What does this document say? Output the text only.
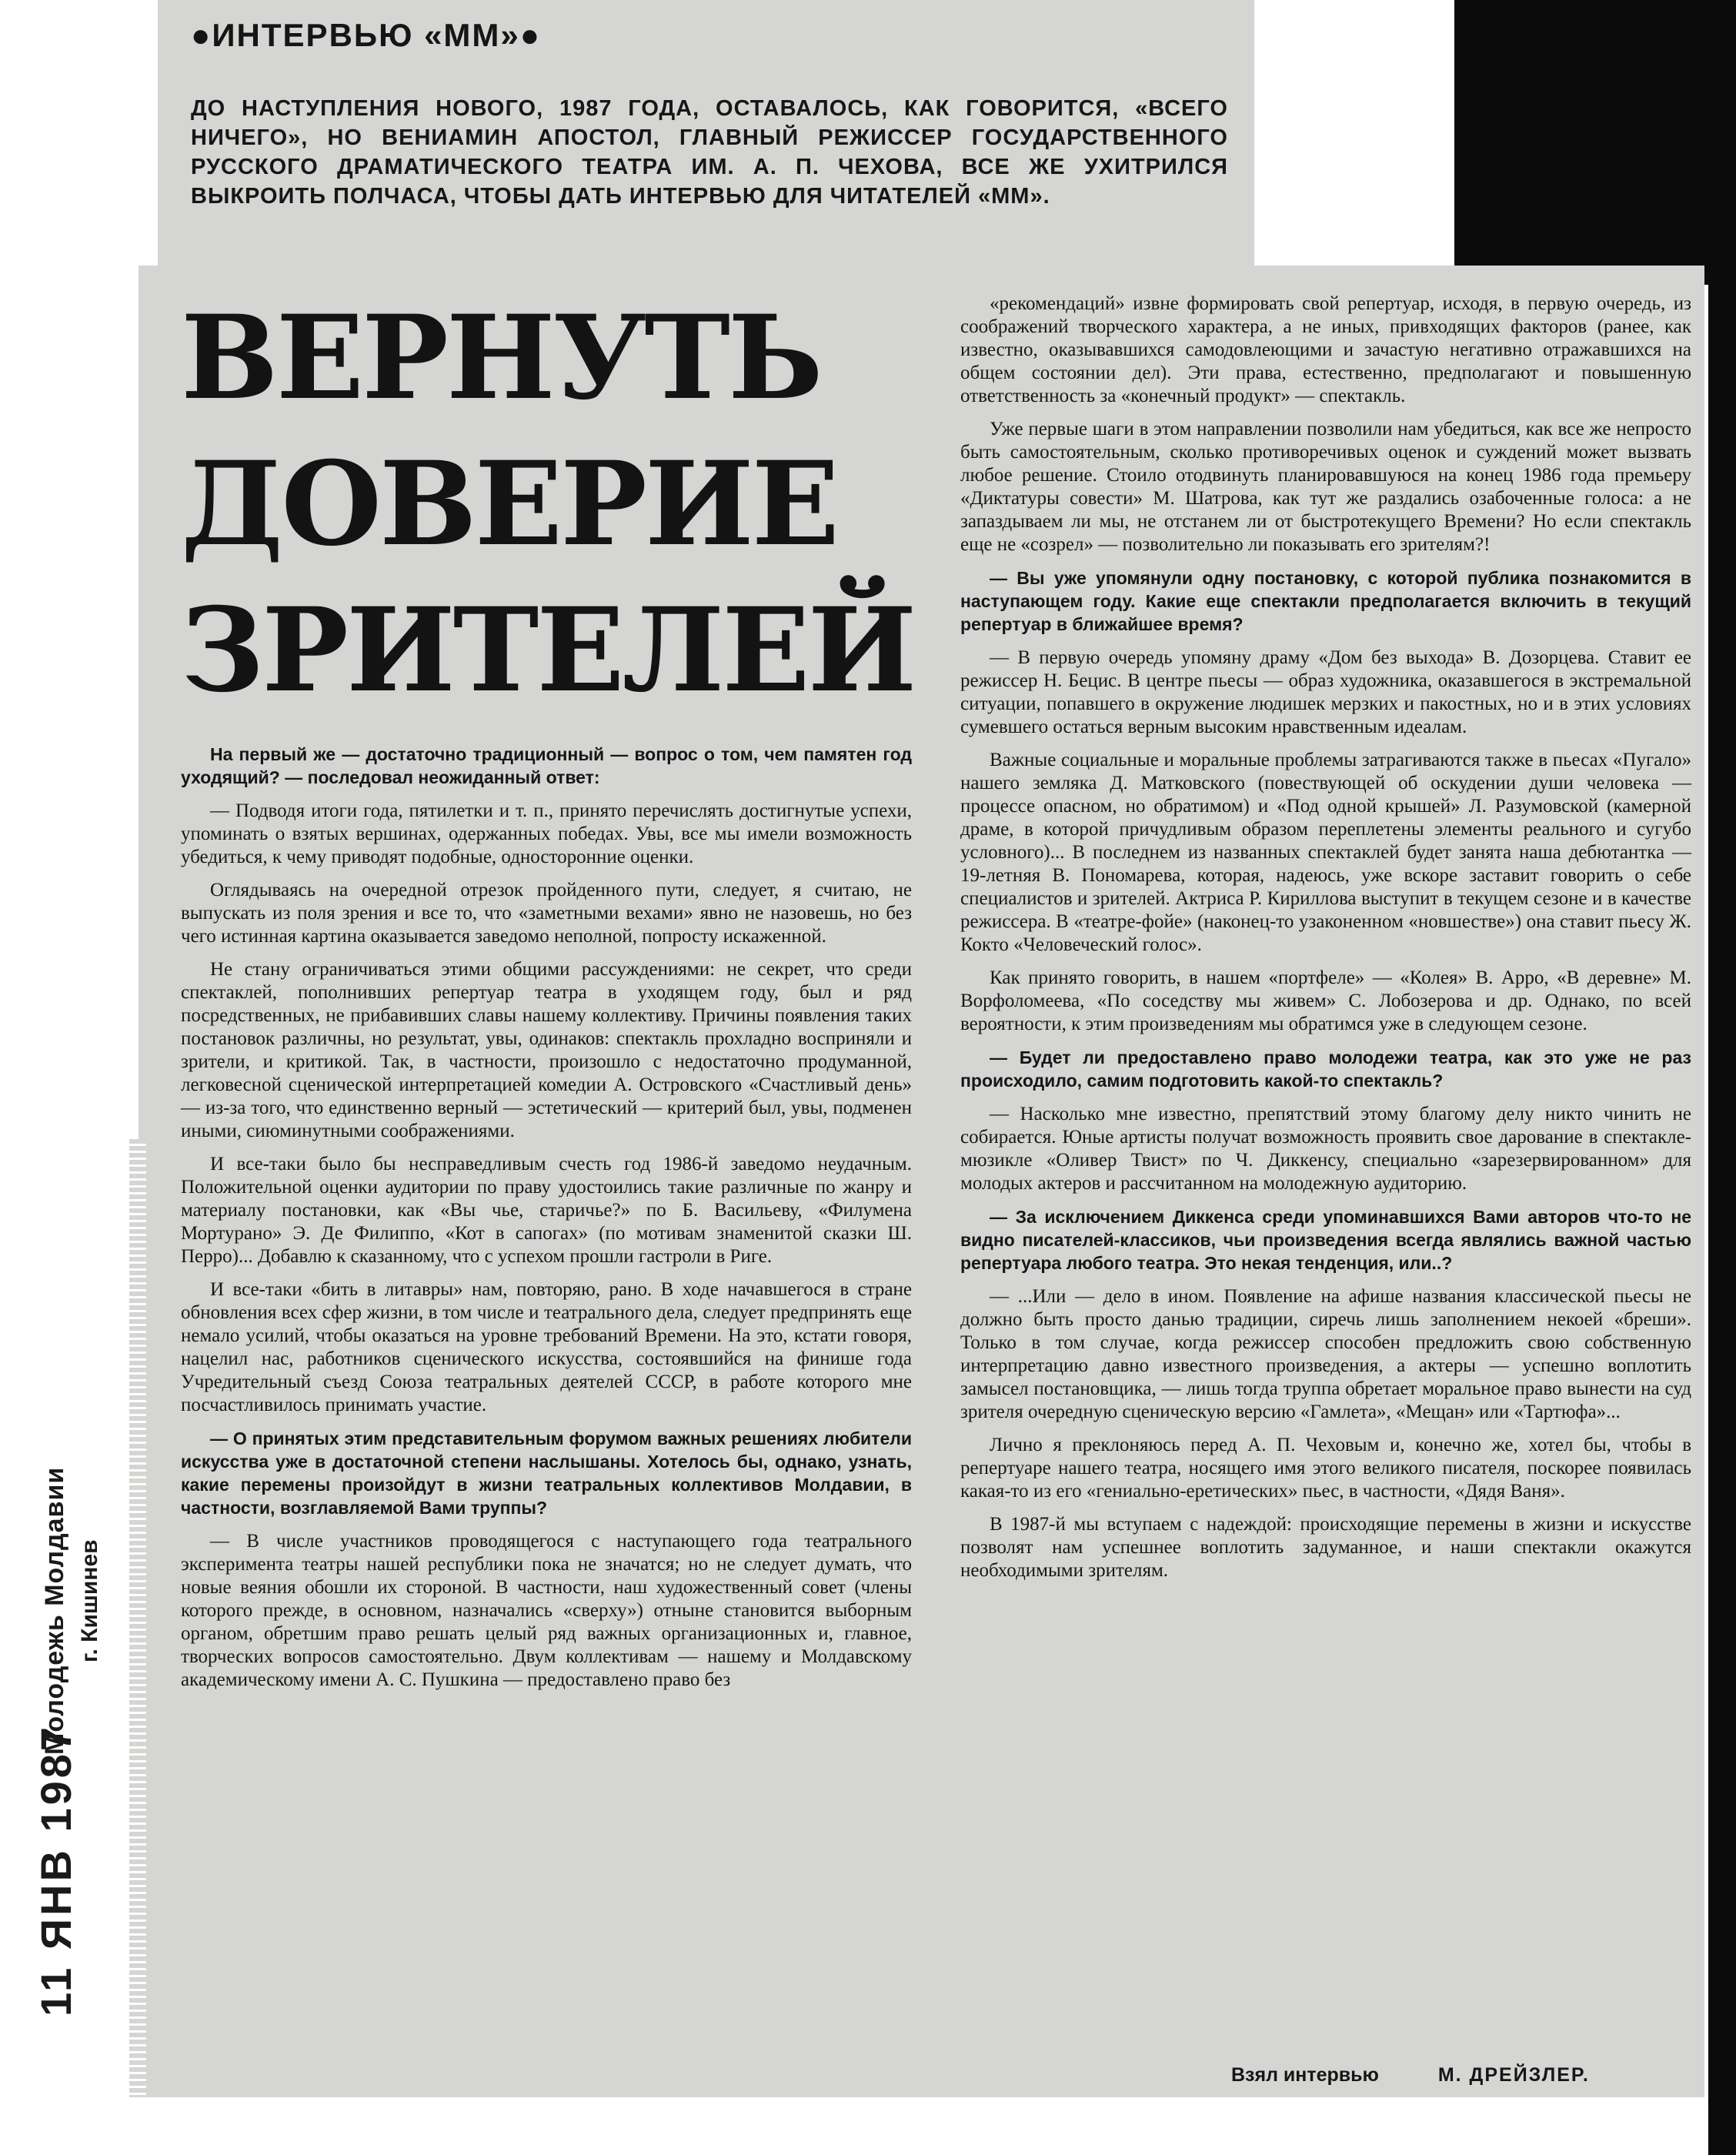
●ИНТЕРВЬЮ «ММ»●

ДО НАСТУПЛЕНИЯ НОВОГО, 1987 ГОДА, ОСТАВАЛОСЬ, КАК ГОВОРИТСЯ, «ВСЕГО НИЧЕГО», НО ВЕНИАМИН АПОСТОЛ, ГЛАВНЫЙ РЕЖИССЕР ГОСУДАРСТВЕННОГО РУССКОГО ДРАМАТИЧЕСКОГО ТЕАТРА ИМ. А. П. ЧЕХОВА, ВСЕ ЖЕ УХИТРИЛСЯ ВЫКРОИТЬ ПОЛЧАСА, ЧТОБЫ ДАТЬ ИНТЕРВЬЮ ДЛЯ ЧИТАТЕЛЕЙ «ММ».

ВЕРНУТЬ
ДОВЕРИЕ
ЗРИТЕЛЕЙ

На первый же — достаточно традиционный — вопрос о том, чем памятен год уходящий? — последовал неожиданный ответ:

— Подводя итоги года, пятилетки и т. п., принято перечислять достигнутые успехи, упоминать о взятых вершинах, одержанных победах. Увы, все мы имели возможность убедиться, к чему приводят подобные, односторонние оценки.

Оглядываясь на очередной отрезок пройденного пути, следует, я считаю, не выпускать из поля зрения и все то, что «заметными вехами» явно не назовешь, но без чего истинная картина оказывается заведомо неполной, попросту искаженной.

Не стану ограничиваться этими общими рассуждениями: не секрет, что среди спектаклей, пополнивших репертуар театра в уходящем году, был и ряд посредственных, не прибавивших славы нашему коллективу. Причины появления таких постановок различны, но результат, увы, одинаков: спектакль прохладно восприняли и зрители, и критикой. Так, в частности, произошло с недостаточно продуманной, легковесной сценической интерпретацией комедии А. Островского «Счастливый день» — из-за того, что единственно верный — эстетический — критерий был, увы, подменен иными, сиюминутными соображениями.

И все-таки было бы несправедливым счесть год 1986-й заведомо неудачным. Положительной оценки аудитории по праву удостоились такие различные по жанру и материалу постановки, как «Вы чье, старичье?» по Б. Васильеву, «Филумена Мортурано» Э. Де Филиппо, «Кот в сапогах» (по мотивам знаменитой сказки Ш. Перро)... Добавлю к сказанному, что с успехом прошли гастроли в Риге.

И все-таки «бить в литавры» нам, повторяю, рано. В ходе начавшегося в стране обновления всех сфер жизни, в том числе и театрального дела, следует предпринять еще немало усилий, чтобы оказаться на уровне требований Времени. На это, кстати говоря, нацелил нас, работников сценического искусства, состоявшийся на финише года Учредительный съезд Союза театральных деятелей СССР, в работе которого мне посчастливилось принимать участие.

— О принятых этим представительным форумом важных решениях любители искусства уже в достаточной степени наслышаны. Хотелось бы, однако, узнать, какие перемены произойдут в жизни театральных коллективов Молдавии, в частности, возглавляемой Вами труппы?

— В числе участников проводящегося с наступающего года театрального эксперимента театры нашей республики пока не значатся; но не следует думать, что новые веяния обошли их стороной. В частности, наш художественный совет (члены которого прежде, в основном, назначались «сверху») отныне становится выборным органом, обретшим право решать целый ряд важных организационных и, главное, творческих вопросов самостоятельно. Двум коллективам — нашему и Молдавскому академическому имени А. С. Пушкина — предоставлено право без

«рекомендаций» извне формировать свой репертуар, исходя, в первую очередь, из соображений творческого характера, а не иных, привходящих факторов (ранее, как известно, оказывавшихся самодовлеющими и зачастую негативно отражавшихся на общем состоянии дел). Эти права, естественно, предполагают и повышенную ответственность за «конечный продукт» — спектакль.

Уже первые шаги в этом направлении позволили нам убедиться, как все же непросто быть самостоятельным, сколько противоречивых оценок и суждений может вызвать любое решение. Стоило отодвинуть планировавшуюся на конец 1986 года премьеру «Диктатуры совести» М. Шатрова, как тут же раздались озабоченные голоса: а не запаздываем ли мы, не отстанем ли от быстротекущего Времени? Но если спектакль еще не «созрел» — позволительно ли показывать его зрителям?!

— Вы уже упомянули одну постановку, с которой публика познакомится в наступающем году. Какие еще спектакли предполагается включить в текущий репертуар в ближайшее время?

— В первую очередь упомяну драму «Дом без выхода» В. Дозорцева. Ставит ее режиссер Н. Бецис. В центре пьесы — образ художника, оказавшегося в экстремальной ситуации, попавшего в окружение людишек мерзких и пакостных, но и в этих условиях сумевшего остаться верным высоким нравственным идеалам.

Важные социальные и моральные проблемы затрагиваются также в пьесах «Пугало» нашего земляка Д. Матковского (повествующей об оскудении души человека — процессе опасном, но обратимом) и «Под одной крышей» Л. Разумовской (камерной драме, в которой причудливым образом переплетены элементы реального и сугубо условного)... В последнем из названных спектаклей будет занята наша дебютантка — 19-летняя В. Пономарева, которая, надеюсь, уже вскоре заставит говорить о себе специалистов и зрителей. Актриса Р. Кириллова выступит в текущем сезоне и в качестве режиссера. В «театре-фойе» (наконец-то узаконенном «новшестве») она ставит пьесу Ж. Кокто «Человеческий голос».

Как принято говорить, в нашем «портфеле» — «Колея» В. Арро, «В деревне» М. Ворфоломеева, «По соседству мы живем» С. Лобозерова и др. Однако, по всей вероятности, к этим произведениям мы обратимся уже в следующем сезоне.

— Будет ли предоставлено право молодежи театра, как это уже не раз происходило, самим подготовить какой-то спектакль?

— Насколько мне известно, препятствий этому благому делу никто чинить не собирается. Юные артисты получат возможность проявить свое дарование в спектакле-мюзикле «Оливер Твист» по Ч. Диккенсу, специально «зарезервированном» для молодых актеров и рассчитанном на молодежную аудиторию.

— За исключением Диккенса среди упоминавшихся Вами авторов что-то не видно писателей-классиков, чьи произведения всегда являлись важной частью репертуара любого театра. Это некая тенденция, или..?

— ...Или — дело в ином. Появление на афише названия классической пьесы не должно быть просто данью традиции, сиречь лишь заполнением некоей «бреши». Только в том случае, когда режиссер способен предложить свою собственную интерпретацию давно известного произведения, а актеры — успешно воплотить замысел постановщика, — лишь тогда труппа обретает моральное право вынести на суд зрителя очередную сценическую версию «Гамлета», «Мещан» или «Тартюфа»...

Лично я преклоняюсь перед А. П. Чеховым и, конечно же, хотел бы, чтобы в репертуаре нашего театра, носящего имя этого великого писателя, поскорее появилась какая-то из его «гениально-еретических» пьес, в частности, «Дядя Ваня».

В 1987-й мы вступаем с надеждой: происходящие перемены в жизни и искусстве позволят нам успешнее воплотить задуманное, и наши спектакли окажутся необходимыми зрителям.

Взял интервью	М. ДРЕЙЗЛЕР.

11 ЯНВ 1987
Молодежь Молдавии г. Кишинев
